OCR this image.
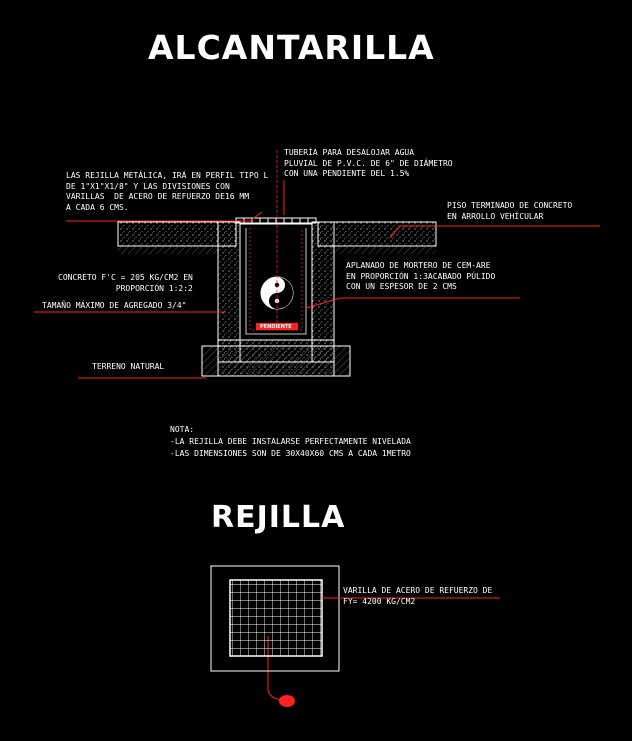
ALCANTARILLA
REJILLA
LAS REJILLA METÁLICA, IRÁ EN PERFIL TIPO L
DE 1"X1"X1/8" Y LAS DIVISIONES CON
VARILLAS  DE ACERO DE REFUERZO DE16 MM
A CADA 6 CMS.
TUBERÍA PARA DESALOJAR AGUA
PLUVIAL DE P.V.C. DE 6" DE DIÁMETRO
CON UNA PENDIENTE DEL 1.5%
PISO TERMINADO DE CONCRETO
EN ARROLLO VEHÍCULAR
CONCRETO F'C = 205 KG/CM2 EN
PROPORCIÓN 1:2:2
TAMAÑO MÁXIMO DE AGREGADO 3/4"
APLANADO DE MORTERO DE CEM-ARE
EN PROPORCIÓN 1:3ACABADO PÚLIDO
CON UN ESPESOR DE 2 CMS
TERRENO NATURAL
PENDIENTE
NOTA:
-LA REJILLA DEBE INSTALARSE PERFECTAMENTE NIVELADA
-LAS DIMENSIONES SON DE 30X40X60 CMS A CADA 1METRO
VARILLA DE ACERO DE REFUERZO DE
FY= 4200 KG/CM2
